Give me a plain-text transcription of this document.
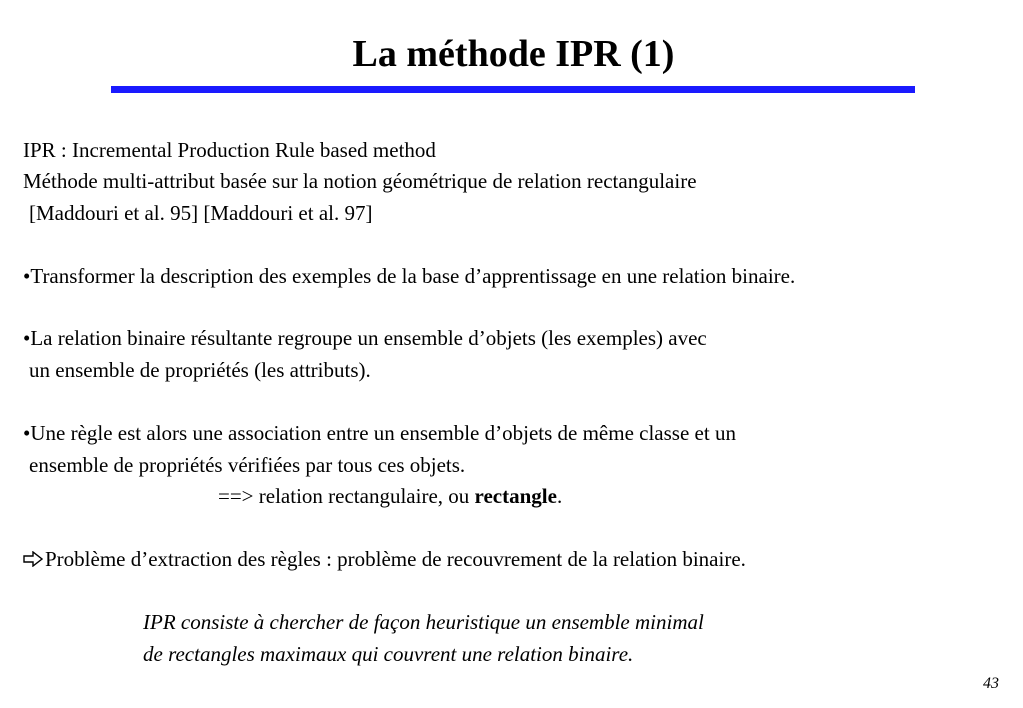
La méthode IPR (1)
IPR : Incremental Production Rule based method
Méthode multi-attribut basée sur la notion géométrique de relation rectangulaire
[Maddouri et al. 95] [Maddouri et al. 97]
•Transformer la description des exemples de la base d’apprentissage en une relation binaire.
•La relation binaire résultante regroupe un ensemble d’objets (les exemples) avec
un ensemble de propriétés (les attributs).
•Une règle est alors une association entre un ensemble d’objets de même classe et un
ensemble de propriétés vérifiées par tous ces objets.
==> relation rectangulaire, ou rectangle.
Problème d’extraction des règles : problème de recouvrement de la relation binaire.
IPR consiste à chercher de façon heuristique un ensemble minimal
de rectangles maximaux qui couvrent une relation binaire.
43
